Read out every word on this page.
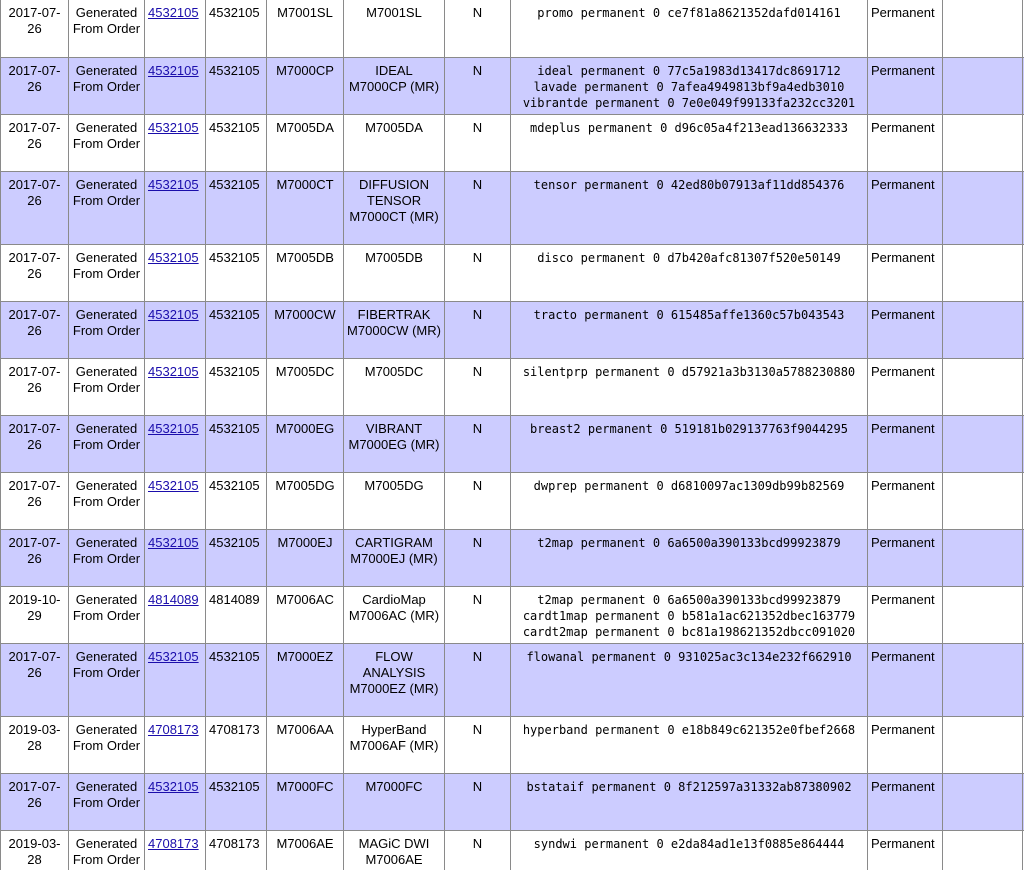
2017-07-26	Generated From Order	4532105	4532105	M7001SL	M7001SL	N	promo permanent 0 ce7f81a8621352dafd014161	Permanent		
2017-07-26	Generated From Order	4532105	4532105	M7000CP	IDEAL M7000CP (MR)	N	ideal permanent 0 77c5a1983d13417dc8691712
lavade permanent 0 7afea4949813bf9a4edb3010
vibrantde permanent 0 7e0e049f99133fa232cc3201	Permanent		
2017-07-26	Generated From Order	4532105	4532105	M7005DA	M7005DA	N	mdeplus permanent 0 d96c05a4f213ead136632333	Permanent		
2017-07-26	Generated From Order	4532105	4532105	M7000CT	DIFFUSION TENSOR M7000CT (MR)	N	tensor permanent 0 42ed80b07913af11dd854376	Permanent		
2017-07-26	Generated From Order	4532105	4532105	M7005DB	M7005DB	N	disco permanent 0 d7b420afc81307f520e50149	Permanent		
2017-07-26	Generated From Order	4532105	4532105	M7000CW	FIBERTRAK M7000CW (MR)	N	tracto permanent 0 615485affe1360c57b043543	Permanent		
2017-07-26	Generated From Order	4532105	4532105	M7005DC	M7005DC	N	silentprp permanent 0 d57921a3b3130a5788230880	Permanent		
2017-07-26	Generated From Order	4532105	4532105	M7000EG	VIBRANT M7000EG (MR)	N	breast2 permanent 0 519181b029137763f9044295	Permanent		
2017-07-26	Generated From Order	4532105	4532105	M7005DG	M7005DG	N	dwprep permanent 0 d6810097ac1309db99b82569	Permanent		
2017-07-26	Generated From Order	4532105	4532105	M7000EJ	CARTIGRAM M7000EJ (MR)	N	t2map permanent 0 6a6500a390133bcd99923879	Permanent		
2019-10-29	Generated From Order	4814089	4814089	M7006AC	CardioMap M7006AC (MR)	N	t2map permanent 0 6a6500a390133bcd99923879
cardt1map permanent 0 b581a1ac621352dbec163779
cardt2map permanent 0 bc81a198621352dbcc091020	Permanent		
2017-07-26	Generated From Order	4532105	4532105	M7000EZ	FLOW ANALYSIS M7000EZ (MR)	N	flowanal permanent 0 931025ac3c134e232f662910	Permanent		
2019-03-28	Generated From Order	4708173	4708173	M7006AA	HyperBand M7006AF (MR)	N	hyperband permanent 0 e18b849c621352e0fbef2668	Permanent		
2017-07-26	Generated From Order	4532105	4532105	M7000FC	M7000FC	N	bstataif permanent 0 8f212597a31332ab87380902	Permanent		
2019-03-28	Generated From Order	4708173	4708173	M7006AE	MAGiC DWI M7006AE	N	syndwi permanent 0 e2da84ad1e13f0885e864444	Permanent		
